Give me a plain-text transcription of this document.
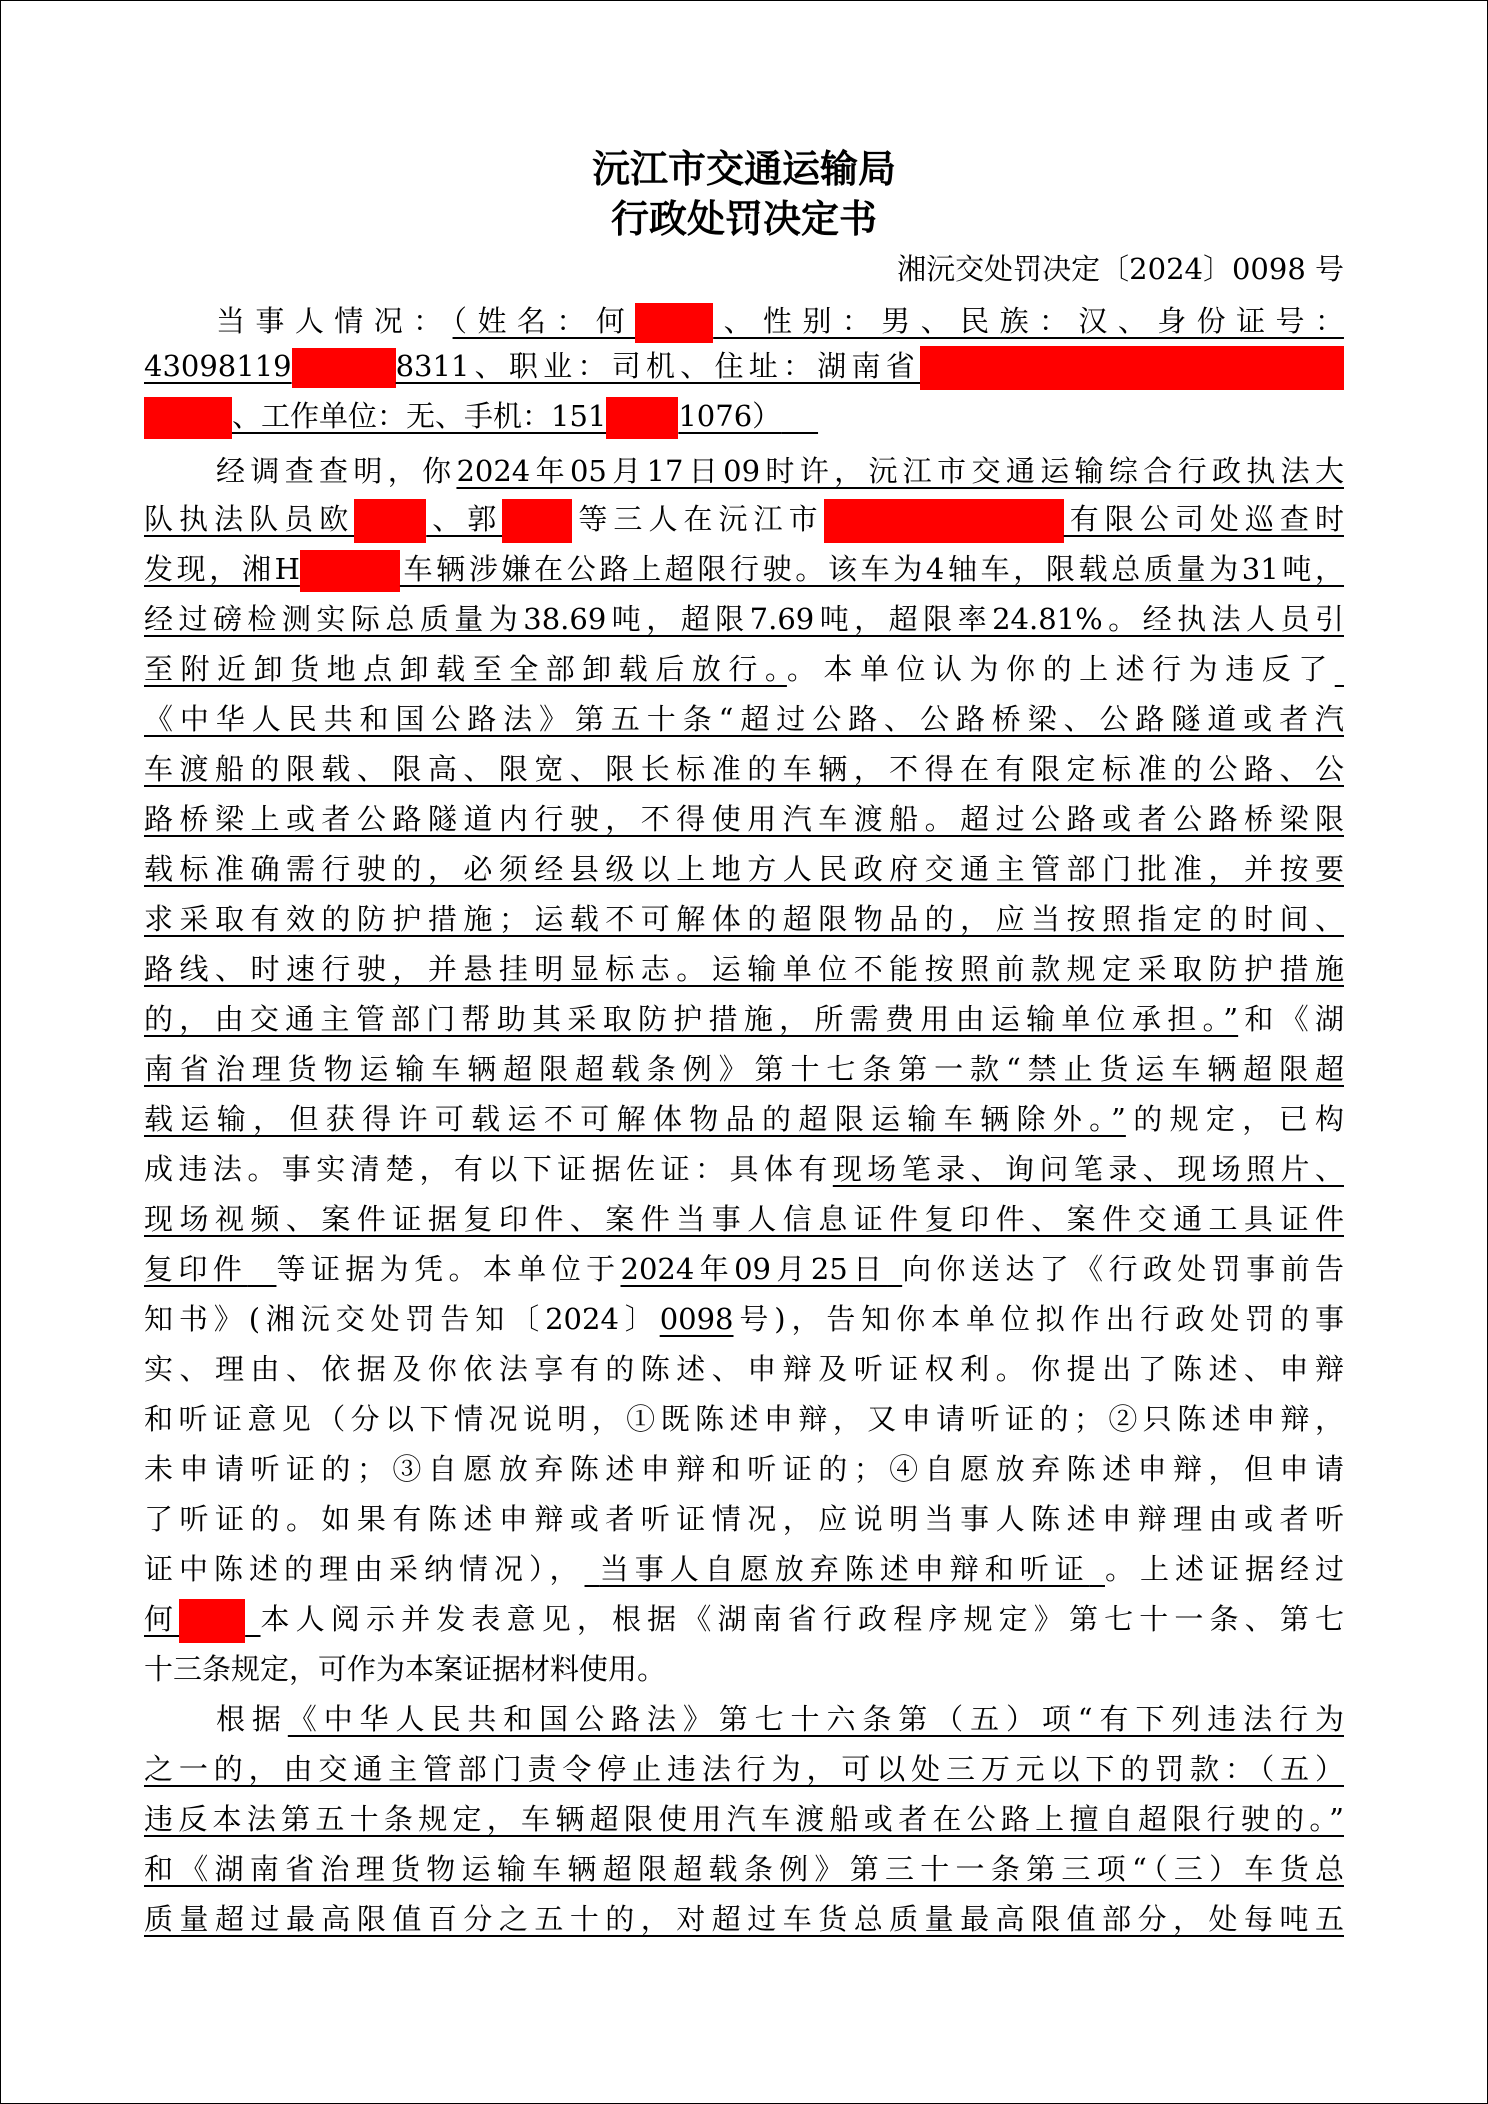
沅江市交通运输局
行政处罚决定书
湘沅交处罚决定〔2024〕0098 号
当事人情况：（姓名：何	、性别：男、民族：汉、身份证号：
43098119	8311、职业：司机、住址：湖南省
、工作单位：无、手机：151 1076）
经调查查明，你2024年05月17日09时许，沅江市交通运输综合行政执法大
队执法队员欧 、郭 等三人在沅江市	有限公司处巡查时
发现，湘H	车辆涉嫌在公路上超限行驶。该车为4轴车，限载总质量为31吨，
经过磅检测实际总质量为38.69吨，超限7.69吨，超限率24.81%。经执法人员引
至附近卸货地点卸载至全部卸载后放行。。本单位认为你的上述行为违反了
《中华人民共和国公路法》第五十条“超过公路、公路桥梁、公路隧道或者汽
车渡船的限载、限高、限宽、限长标准的车辆，不得在有限定标准的公路、公
路桥梁上或者公路隧道内行驶，不得使用汽车渡船。超过公路或者公路桥梁限
载标准确需行驶的，必须经县级以上地方人民政府交通主管部门批准，并按要
求采取有效的防护措施；运载不可解体的超限物品的，应当按照指定的时间、
路线、时速行驶，并悬挂明显标志。运输单位不能按照前款规定采取防护措施
的，由交通主管部门帮助其采取防护措施，所需费用由运输单位承担。”和《湖
南省治理货物运输车辆超限超载条例》第十七条第一款“禁止货运车辆超限超
载运输，但获得许可载运不可解体物品的超限运输车辆除外。”的规定，已构
成违法。事实清楚，有以下证据佐证：具体有现场笔录、询问笔录、现场照片、
现场视频、案件证据复印件、案件当事人信息证件复印件、案件交通工具证件
复印件 等证据为凭。本单位于2024年09月25日 向你送达了《行政处罚事前告
知书》(湘沅交处罚告知〔2024〕0098号)，告知你本单位拟作出行政处罚的事
实、理由、依据及你依法享有的陈述、申辩及听证权利。你提出了陈述、申辩
和听证意见（分以下情况说明，①既陈述申辩，又申请听证的；②只陈述申辩，
未申请听证的；③自愿放弃陈述申辩和听证的；④自愿放弃陈述申辩，但申请
了听证的。如果有陈述申辩或者听证情况，应说明当事人陈述申辩理由或者听
证中陈述的理由采纳情况）， 当事人自愿放弃陈述申辩和听证 。上述证据经过
何	本人阅示并发表意见，根据《湖南省行政程序规定》第七十一条、第七
十三条规定，可作为本案证据材料使用。
根据《中华人民共和国公路法》第七十六条第（五）项“有下列违法行为
之一的，由交通主管部门责令停止违法行为，可以处三万元以下的罚款：（五）
违反本法第五十条规定，车辆超限使用汽车渡船或者在公路上擅自超限行驶的。”
和《湖南省治理货物运输车辆超限超载条例》第三十一条第三项“（三）车货总
质量超过最高限值百分之五十的，对超过车货总质量最高限值部分，处每吨五
